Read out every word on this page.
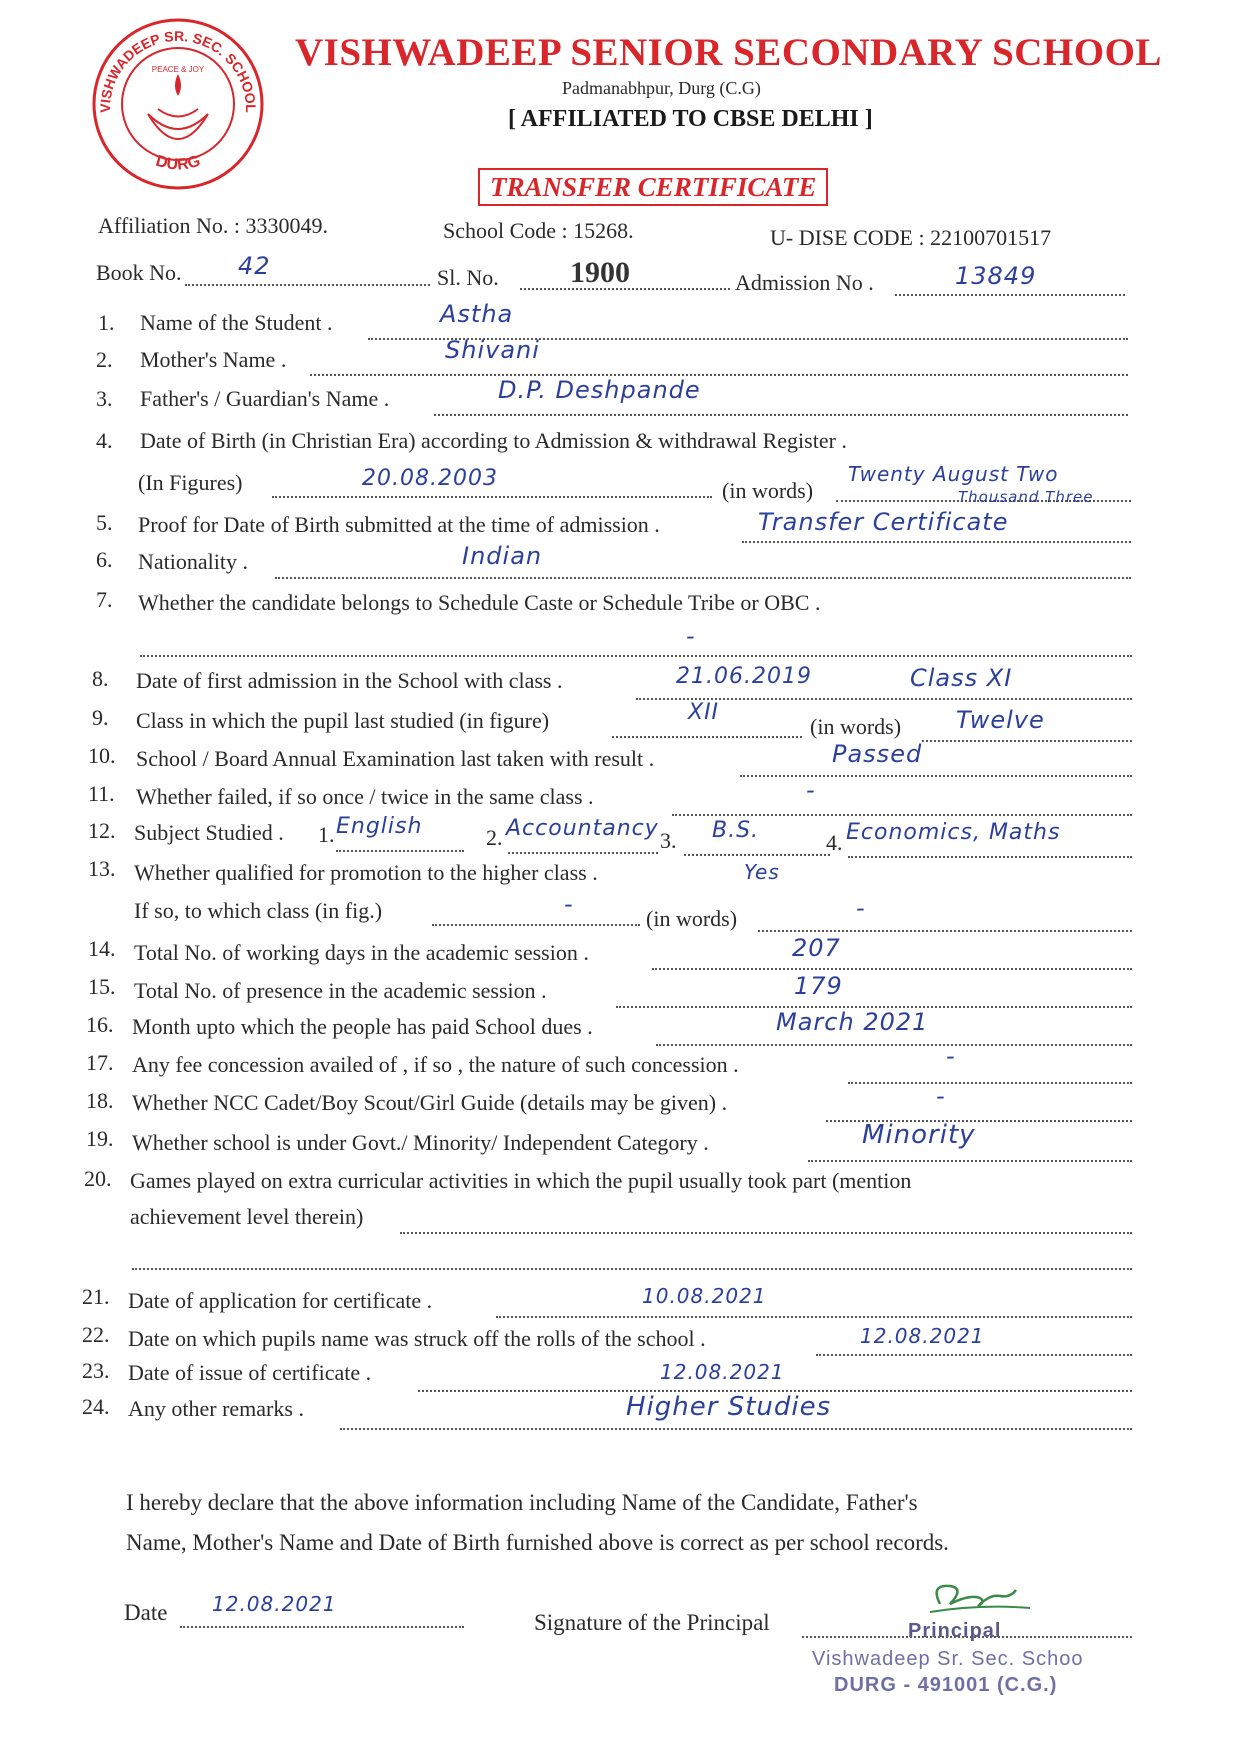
VISHWADEEP SR. SEC. SCHOOL
DURG
PEACE & JOY VISHWADEEP SENIOR SECONDARY SCHOOL
Padmanabhpur, Durg (C.G)
[ AFFILIATED TO CBSE DELHI ]
TRANSFER CERTIFICATE
Affiliation No. : 3330049.	School Code : 15268.	U- DISE CODE : 22100701517
Book No. 42	Sl. No. 1900	Admission No .	13849
1. Name of the Student .	Astha
2. Mother's Name .	Shivani
3. Father's / Guardian's Name .	D.P. Deshpande
4. Date of Birth (in Christian Era) according to Admission & withdrawal Register .
(In Figures)	20.08.2003	(in words)
Twenty August Two
Thousand Three
5. Proof for Date of Birth submitted at the time of admission .	Transfer Certificate
6. Nationality .	Indian
7. Whether the candidate belongs to Schedule Caste or Schedule Tribe or OBC .
-
8. Date of first admission in the School with class .	21.06.2019	Class XI
9. Class in which the pupil last studied (in figure)	XII
(in words) Twelve
10. School / Board Annual Examination last taken with result .	Passed
11. Whether failed, if so once / twice in the same class .	-
12. Subject Studied . 1. English	2. Accountancy 3. B.S.	4. Economics, Maths
13. Whether qualified for promotion to the higher class .	Yes
If so, to which class (in fig.)	-
(in words)	-
14. Total No. of working days in the academic session .	207
15. Total No. of presence in the academic session .	179
16. Month upto which the people has paid School dues .	March 2021
17. Any fee concession availed of , if so , the nature of such concession .	-
18. Whether NCC Cadet/Boy Scout/Girl Guide (details may be given) .	-
19. Whether school is under Govt./ Minority/ Independent Category .	Minority
20. Games played on extra curricular activities in which the pupil usually took part (mention
achievement level therein)
21. Date of application for certificate .	10.08.2021
22. Date on which pupils name was struck off the rolls of the school .	12.08.2021
23. Date of issue of certificate .	12.08.2021
24. Any other remarks .	Higher Studies
I hereby declare that the above information including Name of the Candidate, Father's
Name, Mother's Name and Date of Birth furnished above is correct as per school records.
Date 12.08.2021
Signature of the Principal	Principal
Vishwadeep Sr. Sec. Schoo
DURG - 491001 (C.G.)
